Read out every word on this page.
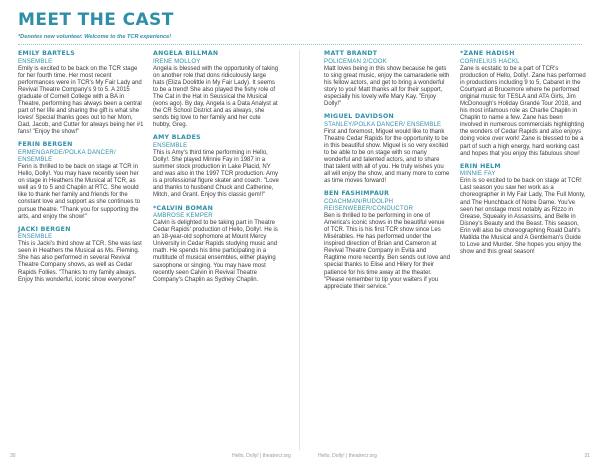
MEET THE CAST

*Denotes new volunteer. Welcome to the TCR experience!

EMILY BARTELS

ENSEMBLE

Emily is excited to be back on the TCR stage for her fourth time. Her most recent performances were in TCR's My Fair Lady and Revival Theatre Company's 9 to 5. A 2015 graduate of Cornell College with a BA in Theatre, performing has always been a central part of her life and sharing the gift is what she loves! Special thanks goes out to her Mom, Dad, Jacob, and Cutter for always being her #1 fans! "Enjoy the show!"

FERIN BERGEN

ERMENGARDE/POLKA DANCER/ ENSEMBLE

Ferin is thrilled to be back on stage at TCR in Hello, Dolly!. You may have recently seen her on stage in Heathers the Musical at TCR, as well as 9 to 5 and Chaplin at RTC. She would like to thank her family and friends for the constant love and support as she continues to pursue theatre. "Thank you for supporting the arts, and enjoy the show!"

JACKI BERGEN

ENSEMBLE

This is Jacki's third show at TCR. She was last seen in Heathers the Musical as Ms. Fleming. She has also performed in several Revival Theatre Company shows, as well as Cedar Rapids Follies. "Thanks to my family always. Enjoy this wonderful, iconic show everyone!"

ANGELA BILLMAN

IRENE MOLLOY

Angela is blessed with the opportunity of taking on another role that dons ridiculously large hats (Eliza Doolittle in My Fair Lady). It seems to be a trend! She also played the fishy role of The Cat in the Hat in Seussical the Musical (eons ago). By day, Angela is a Data Analyst at the CR School District and as always, she sends big love to her family and her cute hubby, Greg.

AMY BLADES

ENSEMBLE

This is Amy's third time performing in Hello, Dolly!. She played Minnie Fay in 1987 in a summer stock production in Lake Placid, NY and was also in the 1997 TCR production. Amy is a professional figure skater and coach. "Love and thanks to husband Chuck and Catherine, Mitch, and Grant. Enjoy this classic gem!!"

*CALVIN BOMAN

AMBROSE KEMPER

Calvin is delighted to be taking part in Theatre Cedar Rapids' production of Hello, Dolly!. He is an 18-year-old sophomore at Mount Mercy University in Cedar Rapids studying music and math. He spends his time participating in a multitude of musical ensembles, either playing saxophone or singing. You may have most recently seen Calvin in Revival Theatre Company's Chaplin as Sydney Chaplin.

MATT BRANDT

POLICEMAN 2/COOK

Matt loves being in this show because he gets to sing great music, enjoy the camaraderie with his fellow actors, and get to bring a wonderful story to you! Matt thanks all for their support, especially his lovely wife Mary Kay. "Enjoy Dolly!"

MIGUEL DAVIDSON

STANLEY/POLKA DANCER/ ENSEMBLE

First and foremost, Miguel would like to thank Theatre Cedar Rapids for the opportunity to be in this beautiful show. Miguel is so very excited to be able to be on stage with so many wonderful and talented actors, and to share that talent with all of you. He truly wishes you all will enjoy the show, and many more to come as time moves forward!

BEN FASHIMPAUR

COACHMAN/RUDOLPH REISENWEBER/CONDUCTOR

Ben is thrilled to be performing in one of America's iconic shows in the beautiful venue of TCR. This is his first TCR show since Les Misérables. He has performed under the inspired direction of Brian and Cameron at Revival Theatre Company in Evita and Ragtime more recently. Ben sends out love and special thanks to Elise and Hilery for their patience for his time away at the theater. "Please remember to tip your waiters if you appreciate their service."

*ZANE HADISH

CORNELIUS HACKL

Zane is ecstatic to be a part of TCR's production of Hello, Dolly!. Zane has performed in productions including 9 to 5, Cabaret in the Courtyard at Brucemore where he performed original music for TESLA and ATA Girls, Jim McDonough's Holiday Grande Tour 2018, and his most infamous role as Charlie Chaplin in Chaplin to name a few. Zane has been involved in numerous commercials highlighting the wonders of Cedar Rapids and also enjoys doing voice over work! Zane is blessed to be a part of such a high energy, hard working cast and hopes that you enjoy this fabulous show!

ERIN HELM

MINNIE FAY

Erin is so excited to be back on stage at TCR! Last season you saw her work as a choreographer in My Fair Lady, The Full Monty, and The Hunchback of Notre Dame. You've seen her onstage most notably as Rizzo in Grease, Squeaky in Assassins, and Belle in Disney's Beauty and the Beast. This season, Erin will also be choreographing Roald Dahl's Matilda the Musical and A Gentleman's Guide to Love and Murder. She hopes you enjoy the show and this great season!

30	Hello, Dolly! | theatrecr.org	Hello, Dolly! | theatrecr.org	31
